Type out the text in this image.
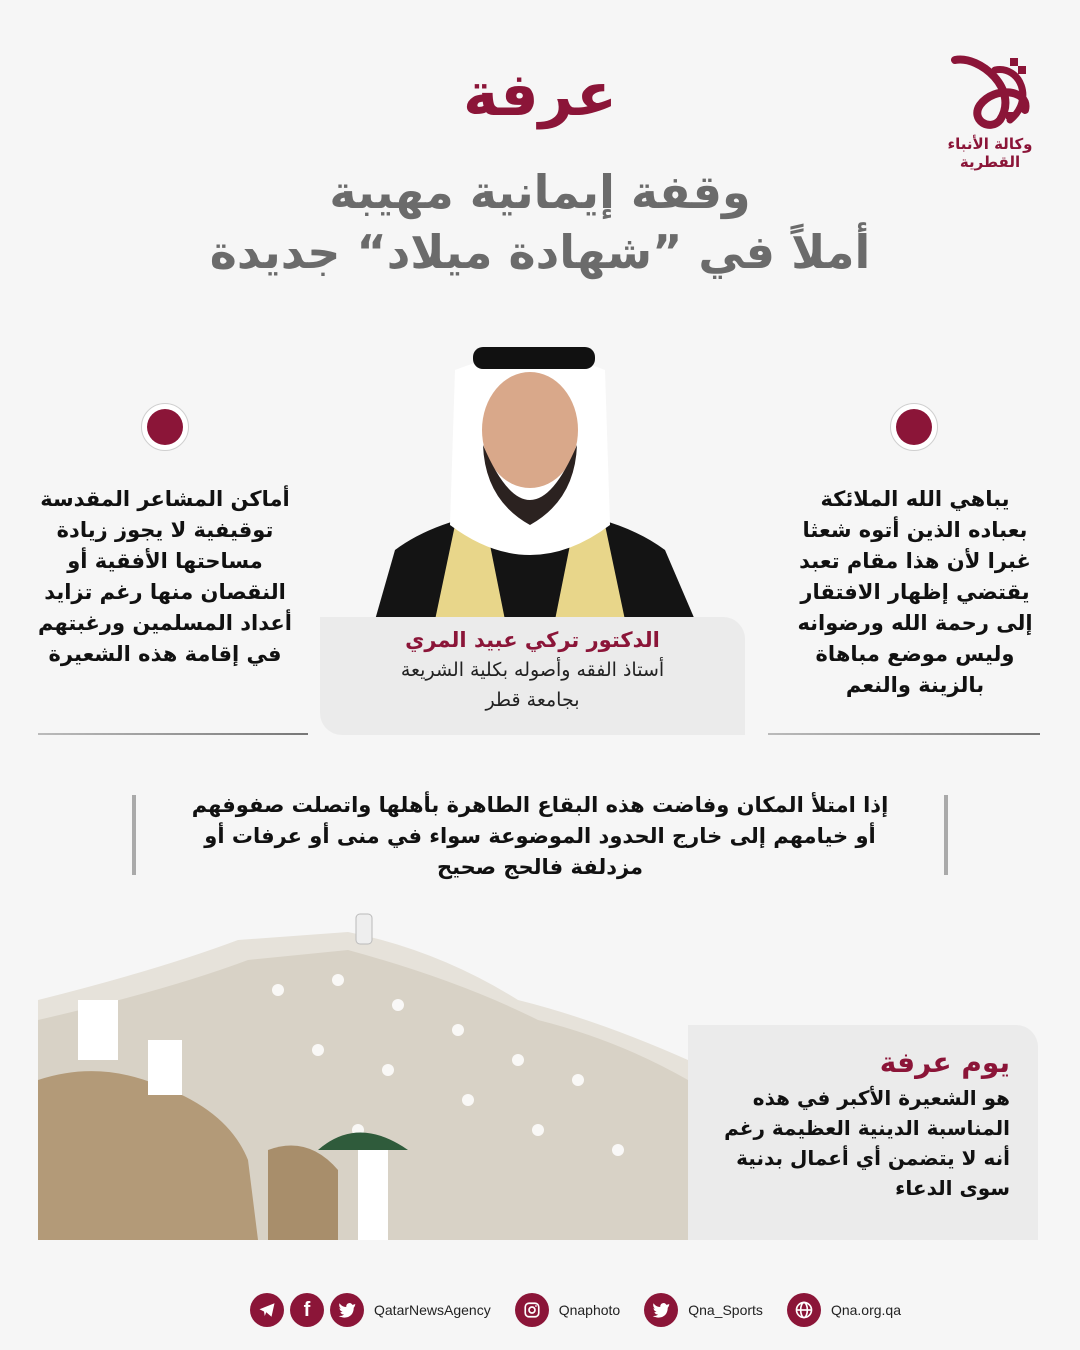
وكالة الأنباء
القطرية
عرفة
وقفة إيمانية مهيبة
أملاً في ”شهادة ميلاد“ جديدة
أماكن المشاعر المقدسة توقيفية لا يجوز زيادة مساحتها الأفقية أو النقصان منها رغم تزايد أعداد المسلمين ورغبتهم في إقامة هذه الشعيرة
يباهي الله الملائكة بعباده الذين أتوه شعثا غبرا لأن هذا مقام تعبد يقتضي إظهار الافتقار إلى رحمة الله ورضوانه وليس موضع مباهاة بالزينة والنعم
الدكتور تركي عبيد المري
أستاذ الفقه وأصوله بكلية الشريعة
بجامعة قطر
إذا امتلأ المكان وفاضت هذه البقاع الطاهرة بأهلها واتصلت صفوفهم
أو خيامهم إلى خارج الحدود الموضوعة سواء في منى أو عرفات أو
مزدلفة فالحج صحيح
يوم عرفة
هو الشعيرة الأكبر في هذه المناسبة الدينية العظيمة رغم أنه لا يتضمن أي أعمال بدنية سوى الدعاء
f	QatarNewsAgency	Qnaphoto	Qna_Sports	Qna.org.qa
